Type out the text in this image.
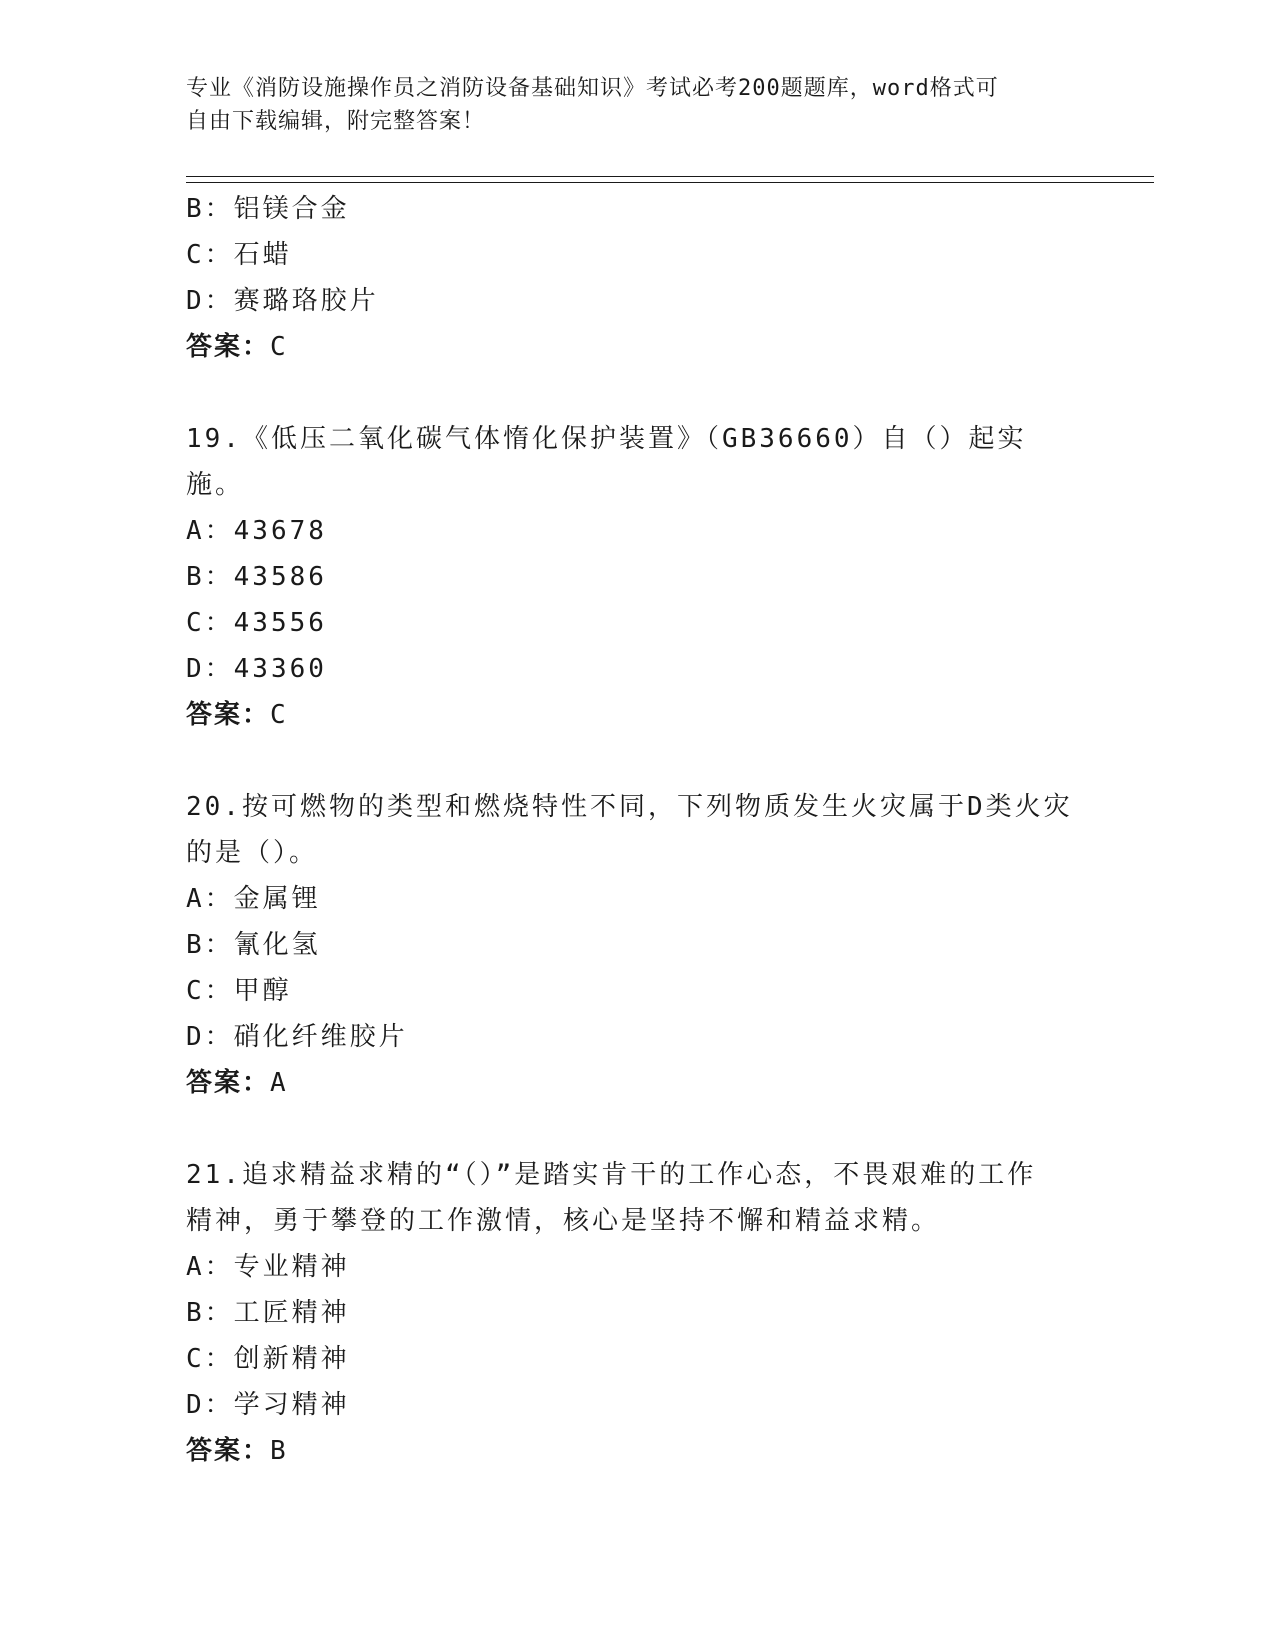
专业《消防设施操作员之消防设备基础知识》考试必考200题题库，word格式可
自由下载编辑，附完整答案！
B：铝镁合金
C：石蜡
D：赛璐珞胶片
答案：C
19.《低压二氧化碳气体惰化保护装置》（GB36660）自（）起实施。
A：43678
B：43586
C：43556
D：43360
答案：C
20.按可燃物的类型和燃烧特性不同，下列物质发生火灾属于D类火灾
的是（）。
A：金属锂
B：氰化氢
C：甲醇
D：硝化纤维胶片
答案：A
21.追求精益求精的“（）”是踏实肯干的工作心态，不畏艰难的工作
精神，勇于攀登的工作激情，核心是坚持不懈和精益求精。
A：专业精神
B：工匠精神
C：创新精神
D：学习精神
答案：B
